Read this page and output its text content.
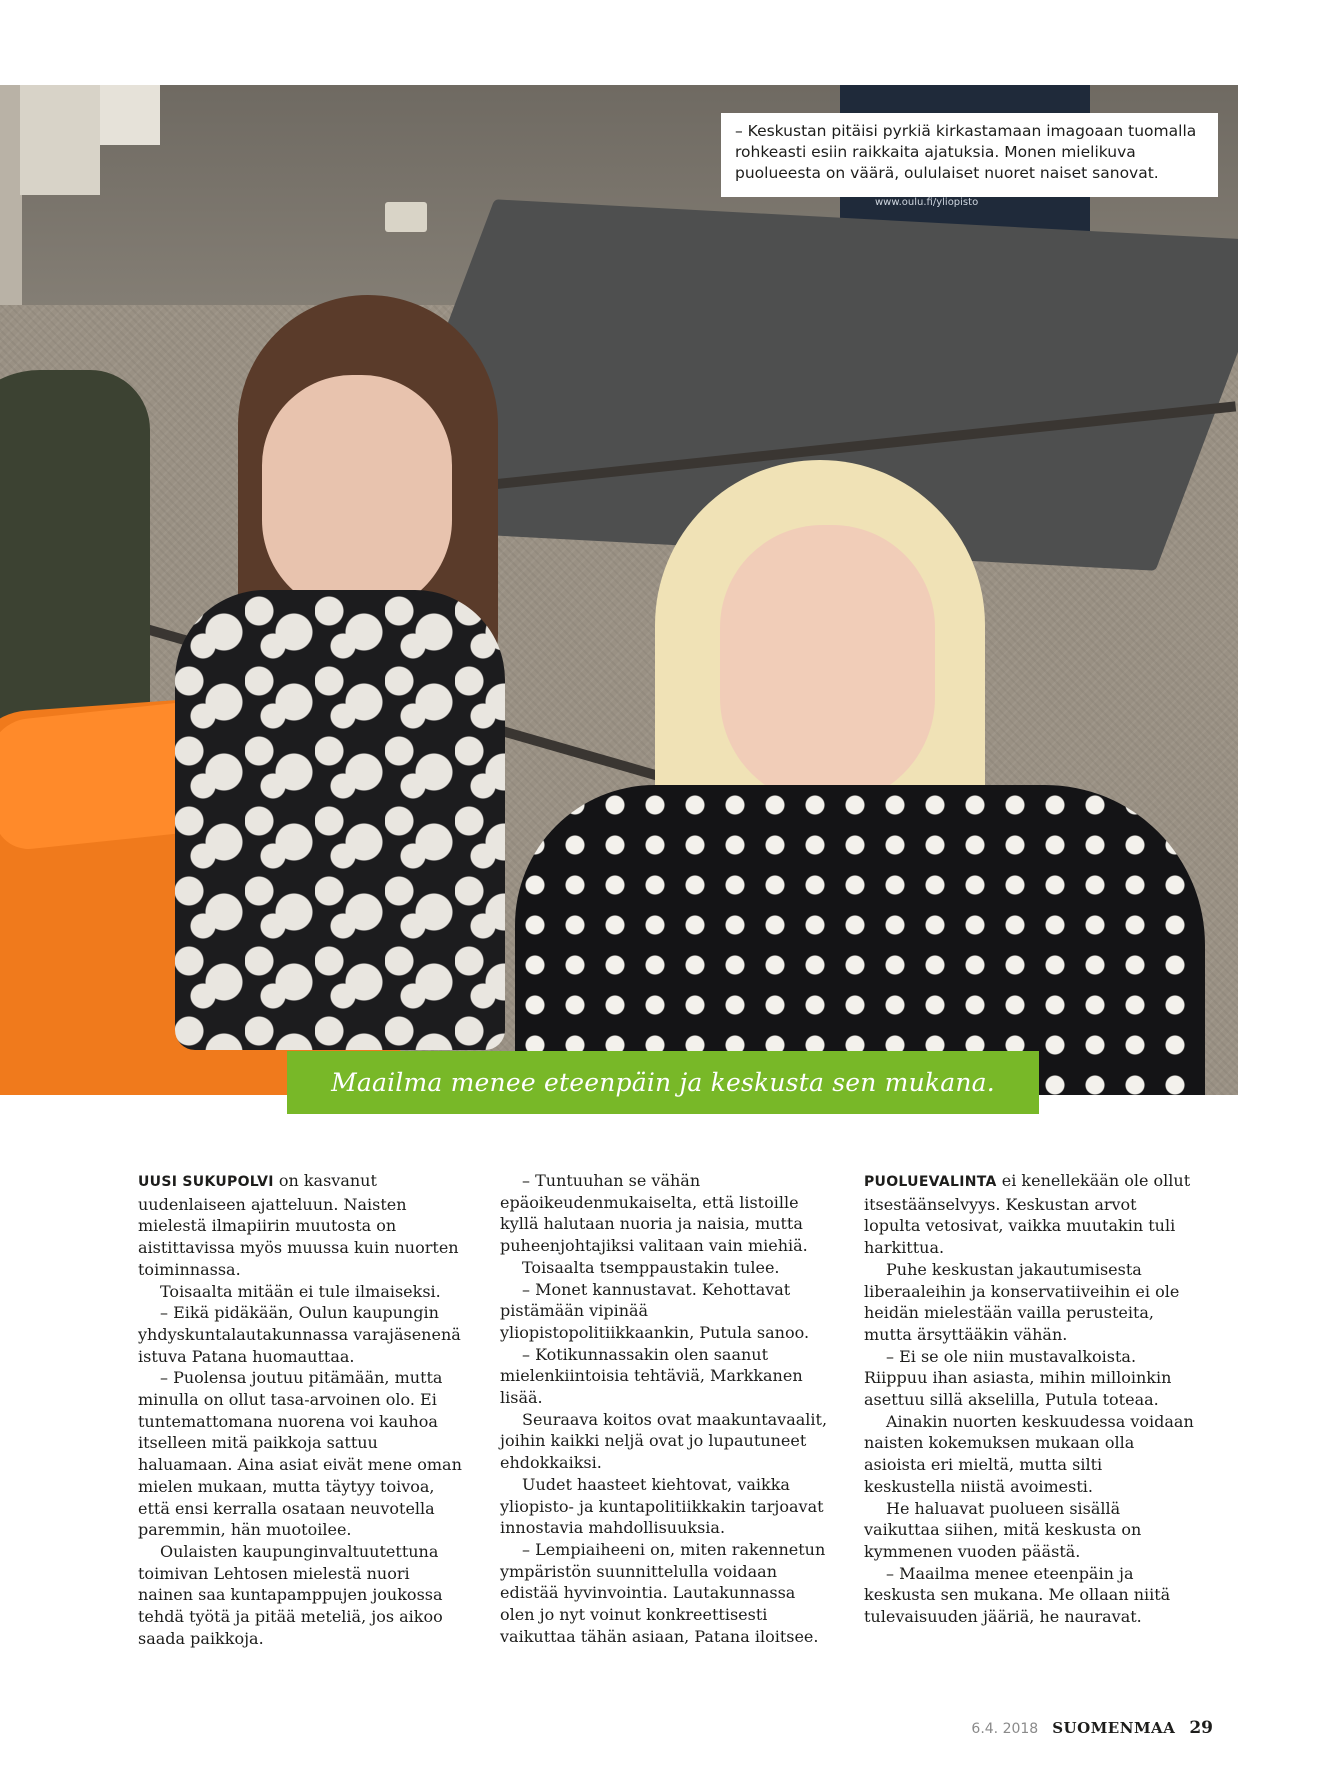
www.oulu.fi/yliopisto
– Keskustan pitäisi pyrkiä kirkastamaan imagoaan tuomalla rohkeasti esiin raikkaita ajatuksia. Monen mielikuva puolueesta on väärä, oululaiset nuoret naiset sanovat.
Maailma menee eteenpäin ja keskusta sen mukana.

UUSI SUKUPOLVI on kasvanut uudenlaiseen ajatteluun. Naisten mielestä ilmapiirin muutosta on aistittavissa myös muussa kuin nuorten toiminnassa.

Toisaalta mitään ei tule ilmaiseksi.

– Eikä pidäkään, Oulun kaupungin yhdyskuntalautakunnassa varajäsenenä istuva Patana huomauttaa.

– Puolensa joutuu pitämään, mutta minulla on ollut tasa-arvoinen olo. Ei tuntemattomana nuorena voi kauhoa itselleen mitä paikkoja sattuu haluamaan. Aina asiat eivät mene oman mielen mukaan, mutta täytyy toivoa, että ensi kerralla osataan neuvotella paremmin, hän muotoilee.

Oulaisten kaupunginvaltuutettuna toimivan Lehtosen mielestä nuori nainen saa kuntapamppujen joukossa tehdä työtä ja pitää meteliä, jos aikoo saada paikkoja.

– Tuntuuhan se vähän epäoikeudenmukaiselta, että listoille kyllä halutaan nuoria ja naisia, mutta puheenjohtajiksi valitaan vain miehiä.

Toisaalta tsemppaustakin tulee.

– Monet kannustavat. Kehottavat pistämään vipinää yliopistopolitiikkaankin, Putula sanoo.

– Kotikunnassakin olen saanut mielenkiintoisia tehtäviä, Markkanen lisää.

Seuraava koitos ovat maakuntavaalit, joihin kaikki neljä ovat jo lupautuneet ehdokkaiksi.

Uudet haasteet kiehtovat, vaikka yliopisto- ja kuntapolitiikkakin tarjoavat innostavia mahdollisuuksia.

– Lempiaiheeni on, miten rakennetun ympäristön suunnittelulla voidaan edistää hyvinvointia. Lautakunnassa olen jo nyt voinut konkreettisesti vaikuttaa tähän asiaan, Patana iloitsee.

PUOLUEVALINTA ei kenellekään ole ollut itsestäänselvyys. Keskustan arvot lopulta vetosivat, vaikka muutakin tuli harkittua.

Puhe keskustan jakautumisesta liberaaleihin ja konservatiiveihin ei ole heidän mielestään vailla perusteita, mutta ärsyttääkin vähän.

– Ei se ole niin mustavalkoista. Riippuu ihan asiasta, mihin milloinkin asettuu sillä akselilla, Putula toteaa.

Ainakin nuorten keskuudessa voidaan naisten kokemuksen mukaan olla asioista eri mieltä, mutta silti keskustella niistä avoimesti.

He haluavat puolueen sisällä vaikuttaa siihen, mitä keskusta on kymmenen vuoden päästä.

– Maailma menee eteenpäin ja keskusta sen mukana. Me ollaan niitä tulevaisuuden jääriä, he nauravat.

6.4. 2018 SUOMENMAA 29
